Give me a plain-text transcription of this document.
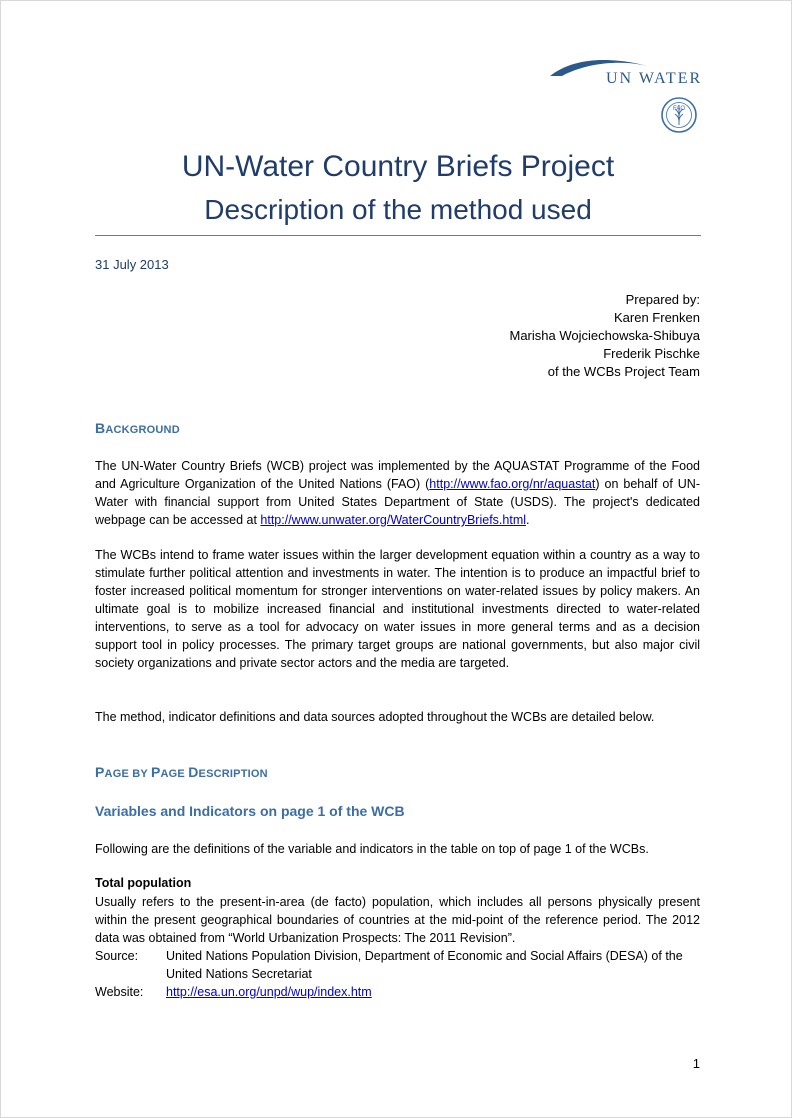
UN WATER
FAO
UN-Water Country Briefs Project
Description of the method used
31 July 2013
Prepared by:
Karen Frenken
Marisha Wojciechowska-Shibuya
Frederik Pischke
of the WCBs Project Team
BACKGROUND
The UN-Water Country Briefs (WCB) project was implemented by the AQUASTAT Programme of the Food and Agriculture Organization of the United Nations (FAO) (http://www.fao.org/nr/aquastat) on behalf of UN-Water with financial support from United States Department of State (USDS). The project's dedicated webpage can be accessed at http://www.unwater.org/WaterCountryBriefs.html.
The WCBs intend to frame water issues within the larger development equation within a country as a way to stimulate further political attention and investments in water. The intention is to produce an impactful brief to foster increased political momentum for stronger interventions on water-related issues by policy makers. An ultimate goal is to mobilize increased financial and institutional investments directed to water-related interventions, to serve as a tool for advocacy on water issues in more general terms and as a decision support tool in policy processes. The primary target groups are national governments, but also major civil society organizations and private sector actors and the media are targeted.
The method, indicator definitions and data sources adopted throughout the WCBs are detailed below.
PAGE BY PAGE DESCRIPTION
Variables and Indicators on page 1 of the WCB
Following are the definitions of the variable and indicators in the table on top of page 1 of the WCBs.
Total population
Usually refers to the present-in-area (de facto) population, which includes all persons physically present within the present geographical boundaries of countries at the mid-point of the reference period. The 2012 data was obtained from “World Urbanization Prospects: The 2011 Revision”.
Source:	United Nations Population Division, Department of Economic and Social Affairs (DESA) of the United Nations Secretariat
Website:	http://esa.un.org/unpd/wup/index.htm
1
